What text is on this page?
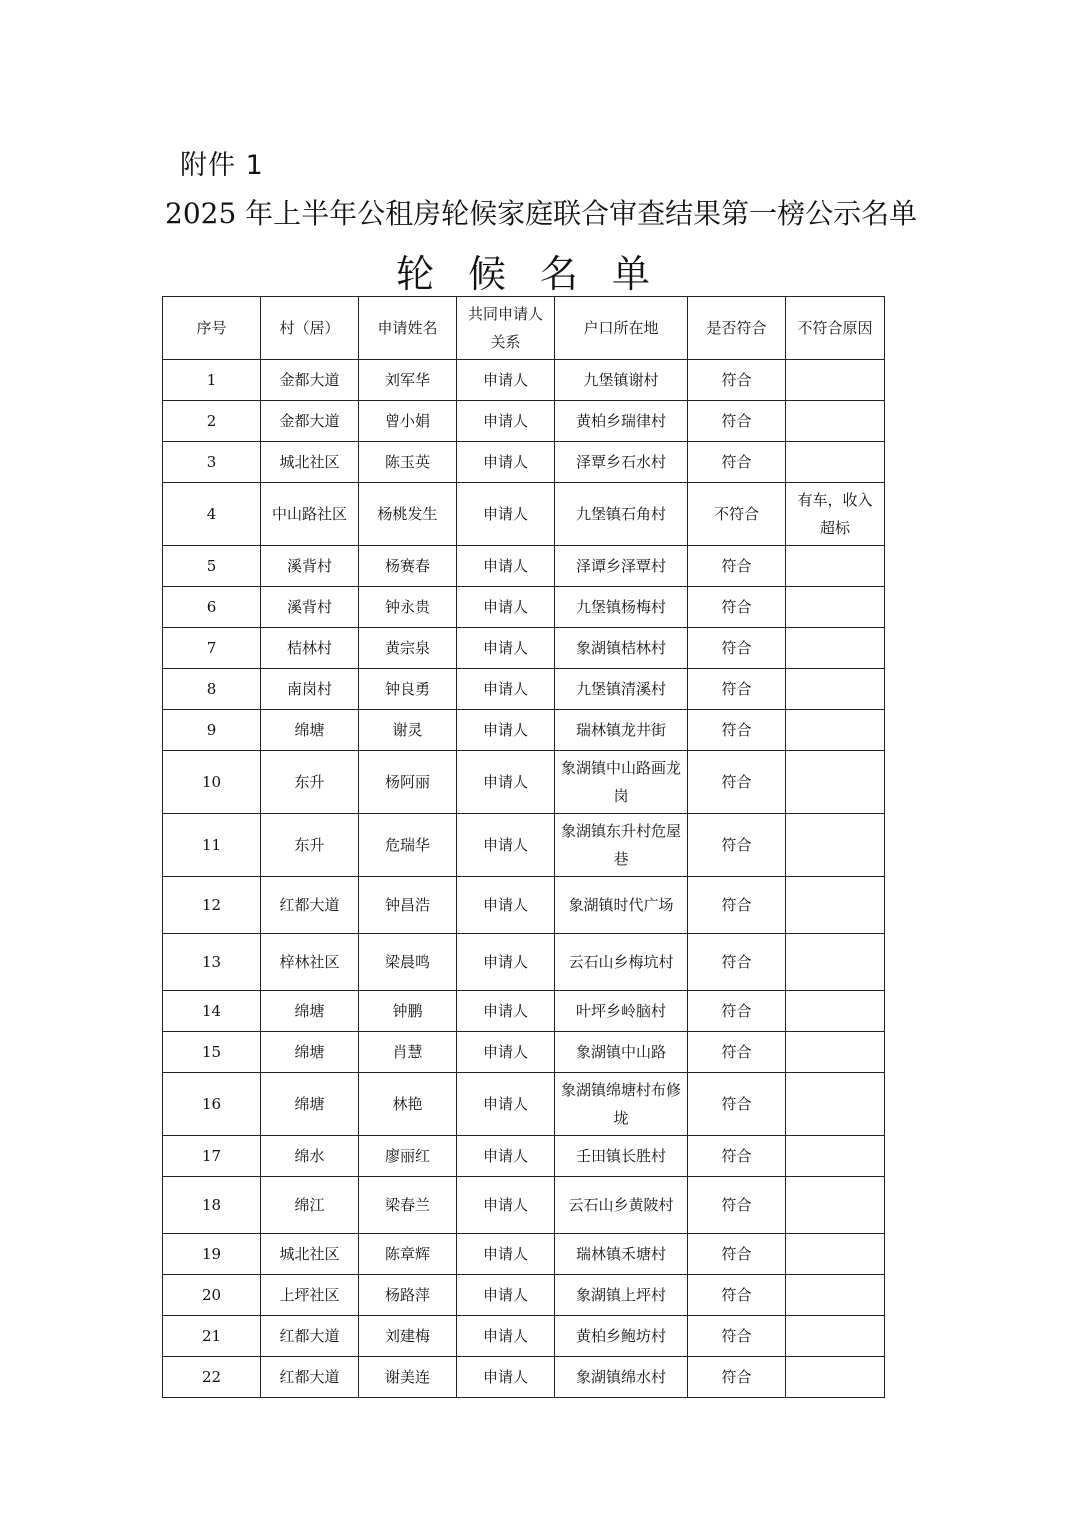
附件 1
2025 年上半年公租房轮候家庭联合审查结果第一榜公示名单
轮候名单
序号	村（居）	申请姓名	共同申请人关系	户口所在地	是否符合	不符合原因
1	金都大道	刘军华	申请人	九堡镇谢村	符合	
2	金都大道	曾小娟	申请人	黄柏乡瑞律村	符合	
3	城北社区	陈玉英	申请人	泽覃乡石水村	符合	
4	中山路社区	杨桃发生	申请人	九堡镇石角村	不符合	有车，收入超标
5	溪背村	杨赛春	申请人	泽谭乡泽覃村	符合	
6	溪背村	钟永贵	申请人	九堡镇杨梅村	符合	
7	桔林村	黄宗泉	申请人	象湖镇桔林村	符合	
8	南岗村	钟良勇	申请人	九堡镇清溪村	符合	
9	绵塘	谢灵	申请人	瑞林镇龙井街	符合	
10	东升	杨阿丽	申请人	象湖镇中山路画龙岗	符合	
11	东升	危瑞华	申请人	象湖镇东升村危屋巷	符合	
12	红都大道	钟昌浩	申请人	象湖镇时代广场	符合	
13	梓林社区	梁晨鸣	申请人	云石山乡梅坑村	符合	
14	绵塘	钟鹏	申请人	叶坪乡岭脑村	符合	
15	绵塘	肖慧	申请人	象湖镇中山路	符合	
16	绵塘	林艳	申请人	象湖镇绵塘村布修垅	符合	
17	绵水	廖丽红	申请人	壬田镇长胜村	符合	
18	绵江	梁春兰	申请人	云石山乡黄陂村	符合	
19	城北社区	陈章辉	申请人	瑞林镇禾塘村	符合	
20	上坪社区	杨路萍	申请人	象湖镇上坪村	符合	
21	红都大道	刘建梅	申请人	黄柏乡鲍坊村	符合	
22	红都大道	谢美连	申请人	象湖镇绵水村	符合	
